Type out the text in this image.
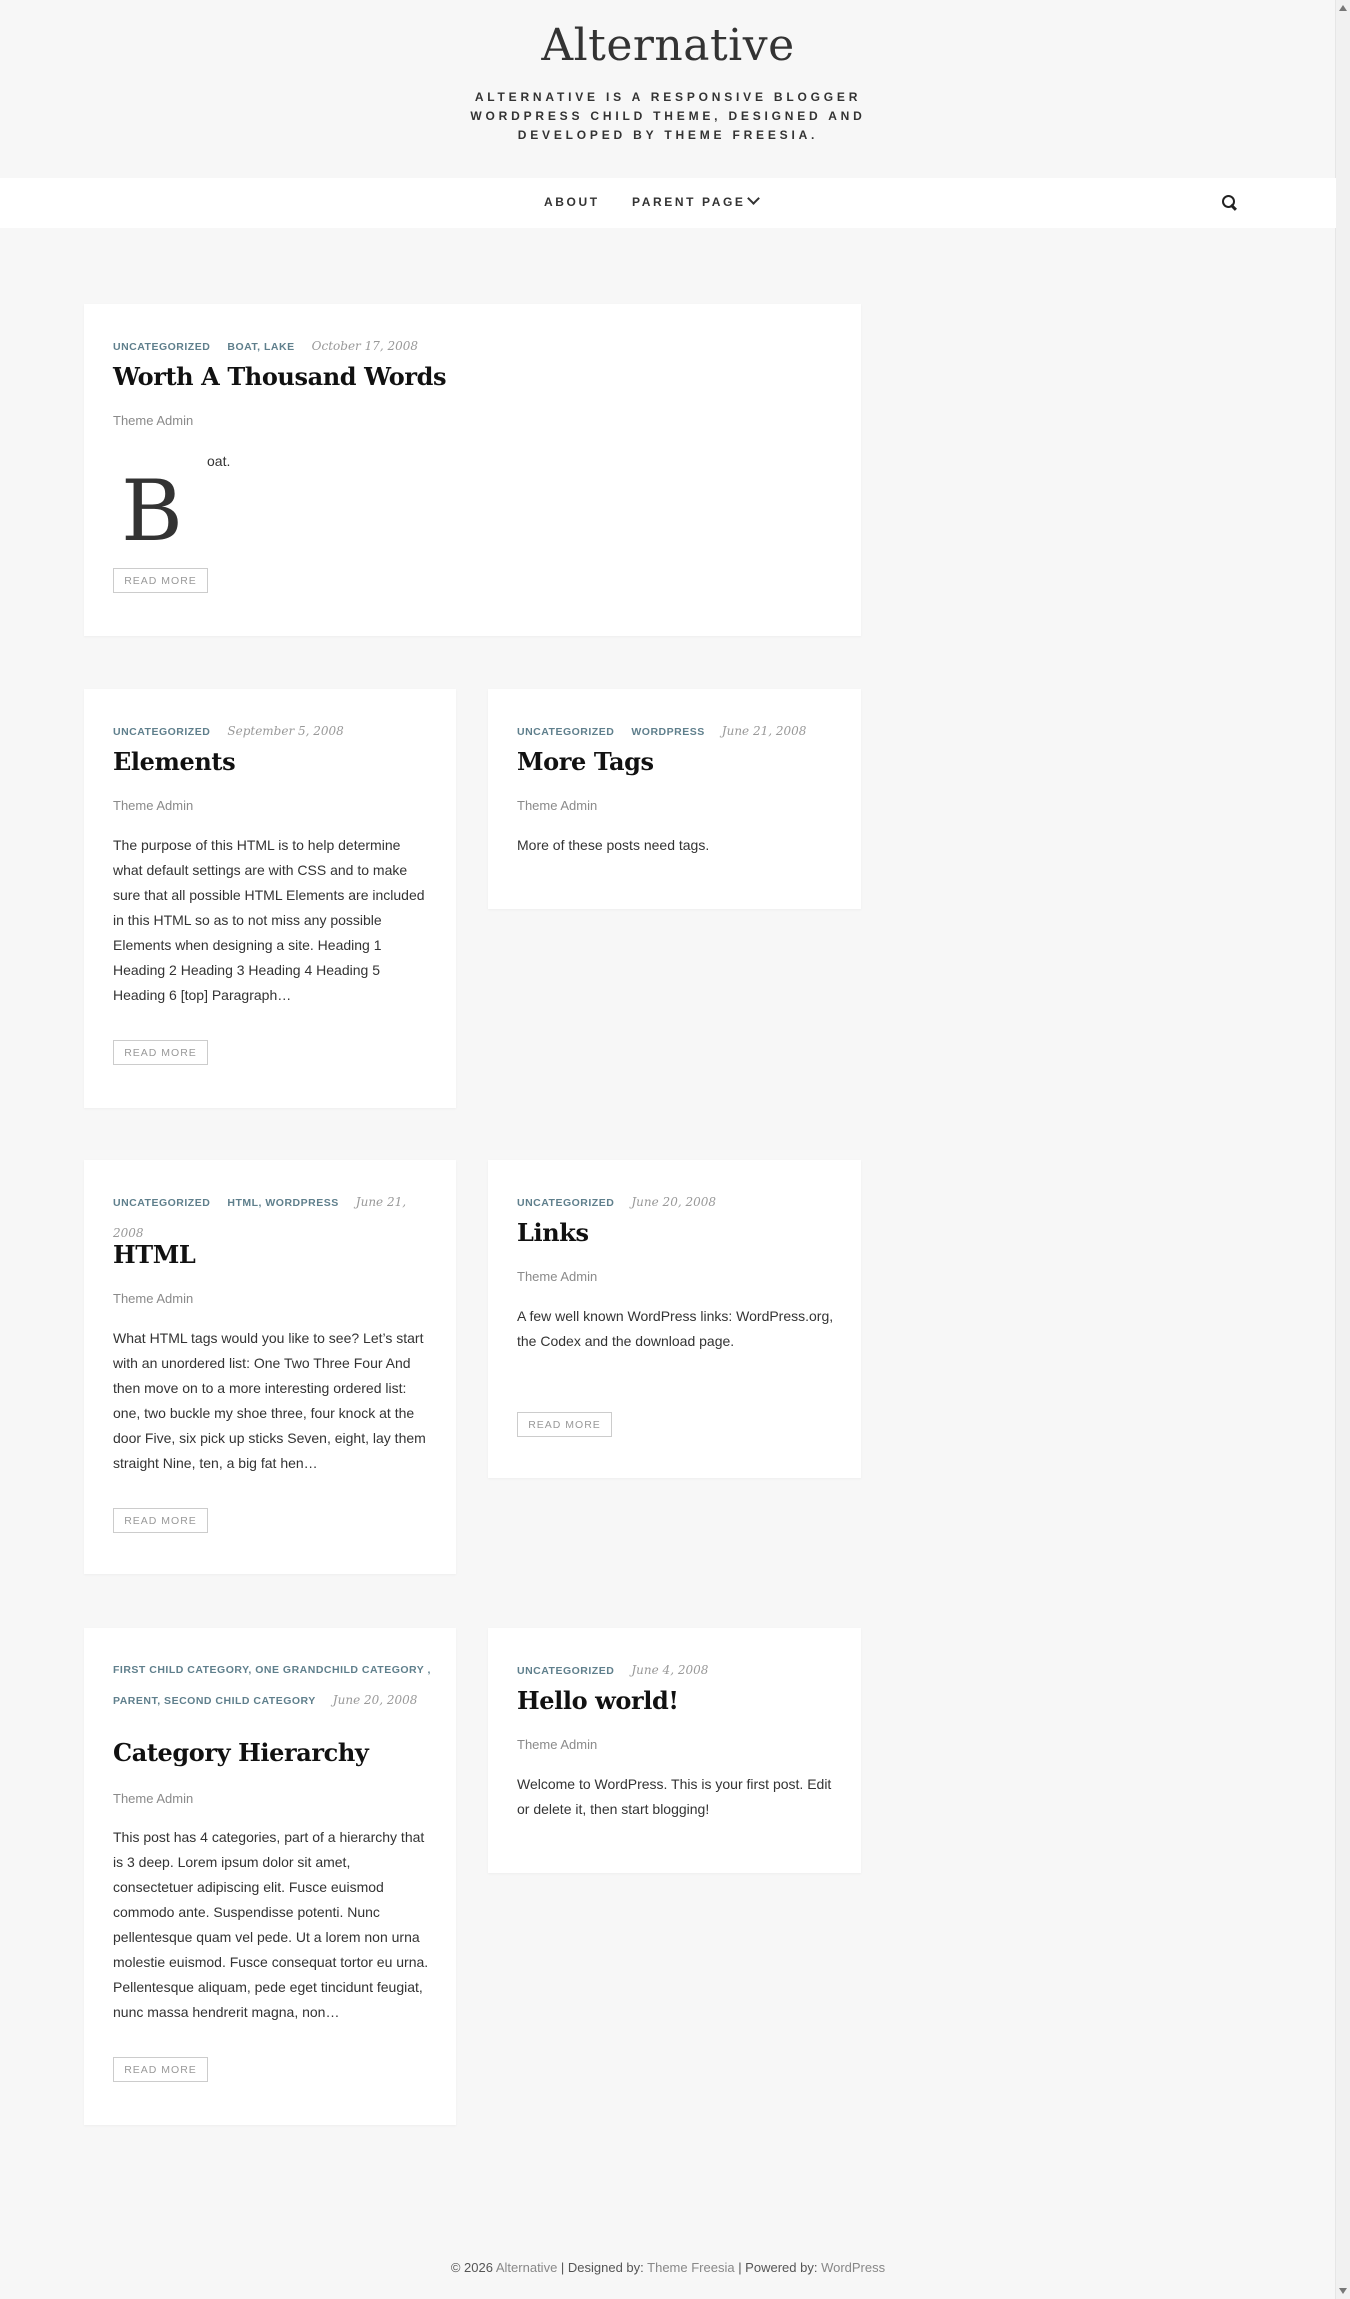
Alternative
ALTERNATIVE IS A RESPONSIVE BLOGGER WORDPRESS CHILD THEME, DESIGNED AND DEVELOPED BY THEME FREESIA.
ABOUT	PARENT PAGE
UNCATEGORIZED BOAT, LAKE October 17, 2008
Worth A Thousand Words
Theme Admin
B
oat.
READ MORE
UNCATEGORIZED September 5, 2008
Elements
Theme Admin
The purpose of this HTML is to help determine what default settings are with CSS and to make sure that all possible HTML Elements are included in this HTML so as to not miss any possible Elements when designing a site. Heading 1 Heading 2 Heading 3 Heading 4 Heading 5 Heading 6 [top] Paragraph…
READ MORE
UNCATEGORIZED WORDPRESS June 21, 2008
More Tags
Theme Admin
More of these posts need tags.
UNCATEGORIZED HTML, WORDPRESS June 21, 2008
HTML
Theme Admin
What HTML tags would you like to see? Let’s start with an unordered list: One Two Three Four And then move on to a more interesting ordered list: one, two buckle my shoe three, four knock at the door Five, six pick up sticks Seven, eight, lay them straight Nine, ten, a big fat hen…
READ MORE
UNCATEGORIZED June 20, 2008
Links
Theme Admin
A few well known WordPress links: WordPress.org, the Codex and the download page.
READ MORE
FIRST CHILD CATEGORY, ONE GRANDCHILD CATEGORY , PARENT, SECOND CHILD CATEGORY June 20, 2008
Category Hierarchy
Theme Admin
This post has 4 categories, part of a hierarchy that is 3 deep. Lorem ipsum dolor sit amet, consectetuer adipiscing elit. Fusce euismod commodo ante. Suspendisse potenti. Nunc pellentesque quam vel pede. Ut a lorem non urna molestie euismod. Fusce consequat tortor eu urna. Pellentesque aliquam, pede eget tincidunt feugiat, nunc massa hendrerit magna, non…
READ MORE
UNCATEGORIZED June 4, 2008
Hello world!
Theme Admin
Welcome to WordPress. This is your first post. Edit or delete it, then start blogging!
© 2026 Alternative | Designed by: Theme Freesia | Powered by: WordPress
